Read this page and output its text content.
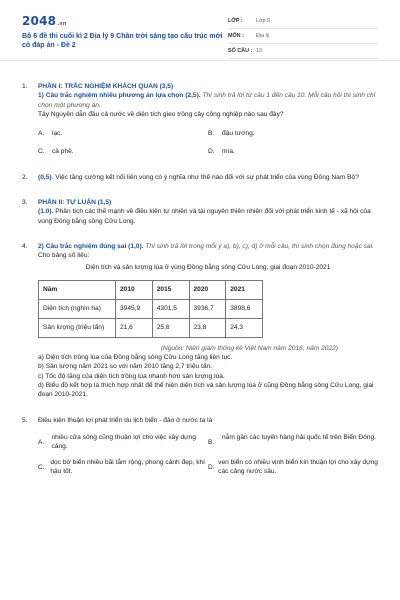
2048.vn
Bộ 6 đề thi cuối kì 2 Địa lý 9 Chân trời sáng tạo cấu trúc mới có đáp án - Đề 2
LỚP :	Lớp 9
MÔN :	Địa lý
SỐ CÂU : 13
1. PHẦN I: TRẮC NGHIỆM KHÁCH QUAN (3,5)
1) Câu trắc nghiệm nhiều phương án lựa chọn (2,5). Thí sinh trả lời từ câu 1 đến câu 10. Mỗi câu hỏi thí sinh chỉ chọn một phương án.
Tây Nguyên dẫn đầu cả nước về diện tích gieo trồng cây công nghiệp nào sau đây?
A.	lạc.	B.	đậu tương.
C.	cà phê.	D.	mía.
2. (0,5). Việc tăng cường kết nối liên vùng có ý nghĩa như thế nào đối với sự phát triển của vùng Đông Nam Bộ?
3. PHẦN II: TỰ LUẬN (1,5)
(1.0). Phân tích các thế mạnh về điều kiện tự nhiên và tài nguyên thiên nhiên đối với phát triển kinh tế - xã hội của vùng Đồng bằng sông Cửu Long.
4. 2) Câu trắc nghiệm đúng sai (1,0). Thí sinh trả lời trong mỗi ý a), b), c), d) ở mỗi câu, thí sinh chọn đúng hoặc sai.
Cho bảng số liệu:
Diện tích và sản lượng lúa ở vùng Đồng bằng sông Cửu Long, giai đoạn 2010-2021
Năm	2010	2015	2020	2021
Diện tích (nghìn ha)	3945,9	4301,5	3936,7	3898,6
Sản lượng (triệu tấn)	21,6	25,6	23,8	24,3
(Nguồn: Niên giám thống kê Việt Nam năm 2016, năm 2022)
a) Diện tích trồng lúa của Đồng bằng sông Cửu Long tăng liên tục.
b) Sản lượng năm 2021 so với năm 2010 tăng 2,7 triệu tấn.
c) Tốc độ tăng của diện tích trồng lúa nhanh hơn sản lượng lúa.
d) Biểu đồ kết hợp là thích hợp nhất để thể hiện diện tích và sản lượng lúa ở cũng Đồng bằng sông Cửu Long, giai đoạn 2010-2021.
5. Điều kiện thuận lợi phát triển du lịch biển - đảo ở nước ta là
A.
nhiều cửa sông cũng thuận lợi cho việc xây dựng cảng.
B.
nằm gần các tuyến hàng hải quốc tế trên Biển Đông.
C.
dọc bờ biển nhiều bãi tắm rộng, phong cảnh đẹp, khí hậu tốt.
D.
ven biển có nhiều vịnh biển kín thuận lợi cho xây dựng các cảng nước sâu.
